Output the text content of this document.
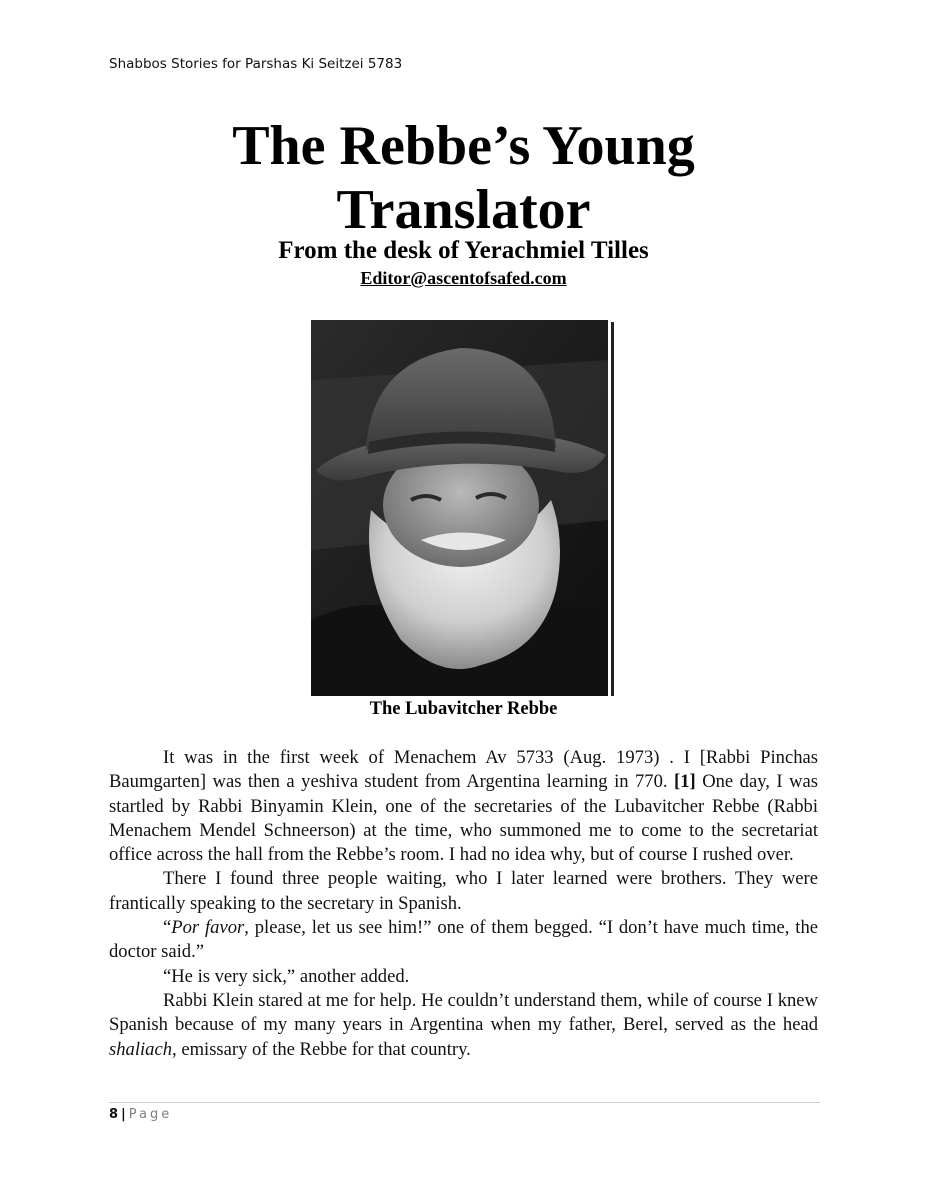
Shabbos Stories for Parshas Ki Seitzei 5783
The Rebbe’s Young
Translator
From the desk of Yerachmiel Tilles
Editor@ascentofsafed.com
The Lubavitcher Rebbe

It was in the first week of Menachem Av 5733 (Aug. 1973) . I [Rabbi Pinchas Baumgarten] was then a yeshiva student from Argentina learning in 770. [1] One day, I was startled by Rabbi Binyamin Klein, one of the secretaries of the Lubavitcher Rebbe (Rabbi Menachem Mendel Schneerson) at the time, who summoned me to come to the secretariat office across the hall from the Rebbe’s room. I had no idea why, but of course I rushed over.

There I found three people waiting, who I later learned were brothers. They were frantically speaking to the secretary in Spanish.

“Por favor, please, let us see him!” one of them begged. “I don’t have much time, the doctor said.”

“He is very sick,” another added.

Rabbi Klein stared at me for help. He couldn’t understand them, while of course I knew Spanish because of my many years in Argentina when my father, Berel, served as the head shaliach, emissary of the Rebbe for that country.

8 | Page
